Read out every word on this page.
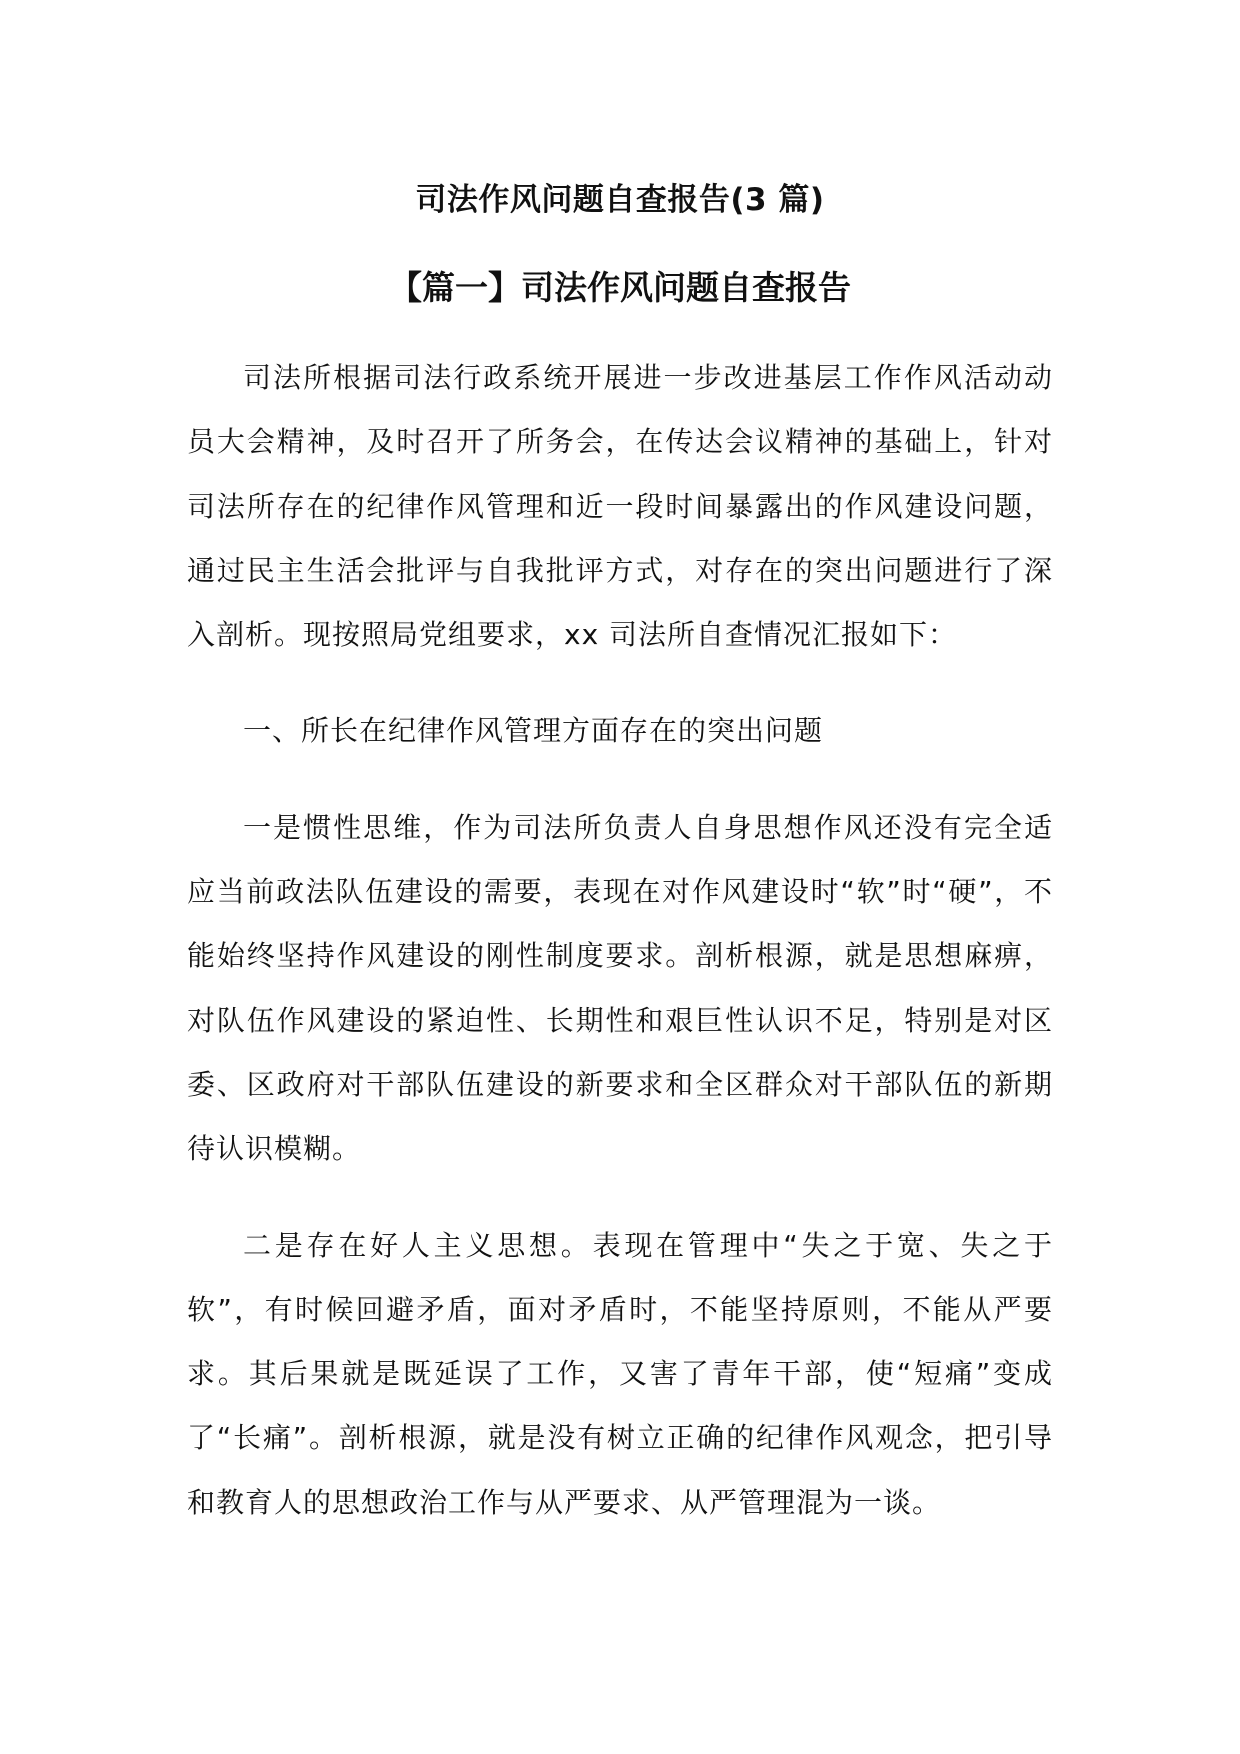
司法作风问题自查报告(3 篇)
【篇一】司法作风问题自查报告

司法所根据司法行政系统开展进一步改进基层工作作风活动动员大会精神，及时召开了所务会，在传达会议精神的基础上，针对司法所存在的纪律作风管理和近一段时间暴露出的作风建设问题，通过民主生活会批评与自我批评方式，对存在的突出问题进行了深入剖析。现按照局党组要求，xx 司法所自查情况汇报如下：

一、所长在纪律作风管理方面存在的突出问题

一是惯性思维，作为司法所负责人自身思想作风还没有完全适应当前政法队伍建设的需要，表现在对作风建设时“软”时“硬”，不能始终坚持作风建设的刚性制度要求。剖析根源，就是思想麻痹，对队伍作风建设的紧迫性、长期性和艰巨性认识不足，特别是对区委、区政府对干部队伍建设的新要求和全区群众对干部队伍的新期待认识模糊。

二是存在好人主义思想。表现在管理中“失之于宽、失之于软”，有时候回避矛盾，面对矛盾时，不能坚持原则，不能从严要求。其后果就是既延误了工作，又害了青年干部，使“短痛”变成了“长痛”。剖析根源，就是没有树立正确的纪律作风观念，把引导和教育人的思想政治工作与从严要求、从严管理混为一谈。
